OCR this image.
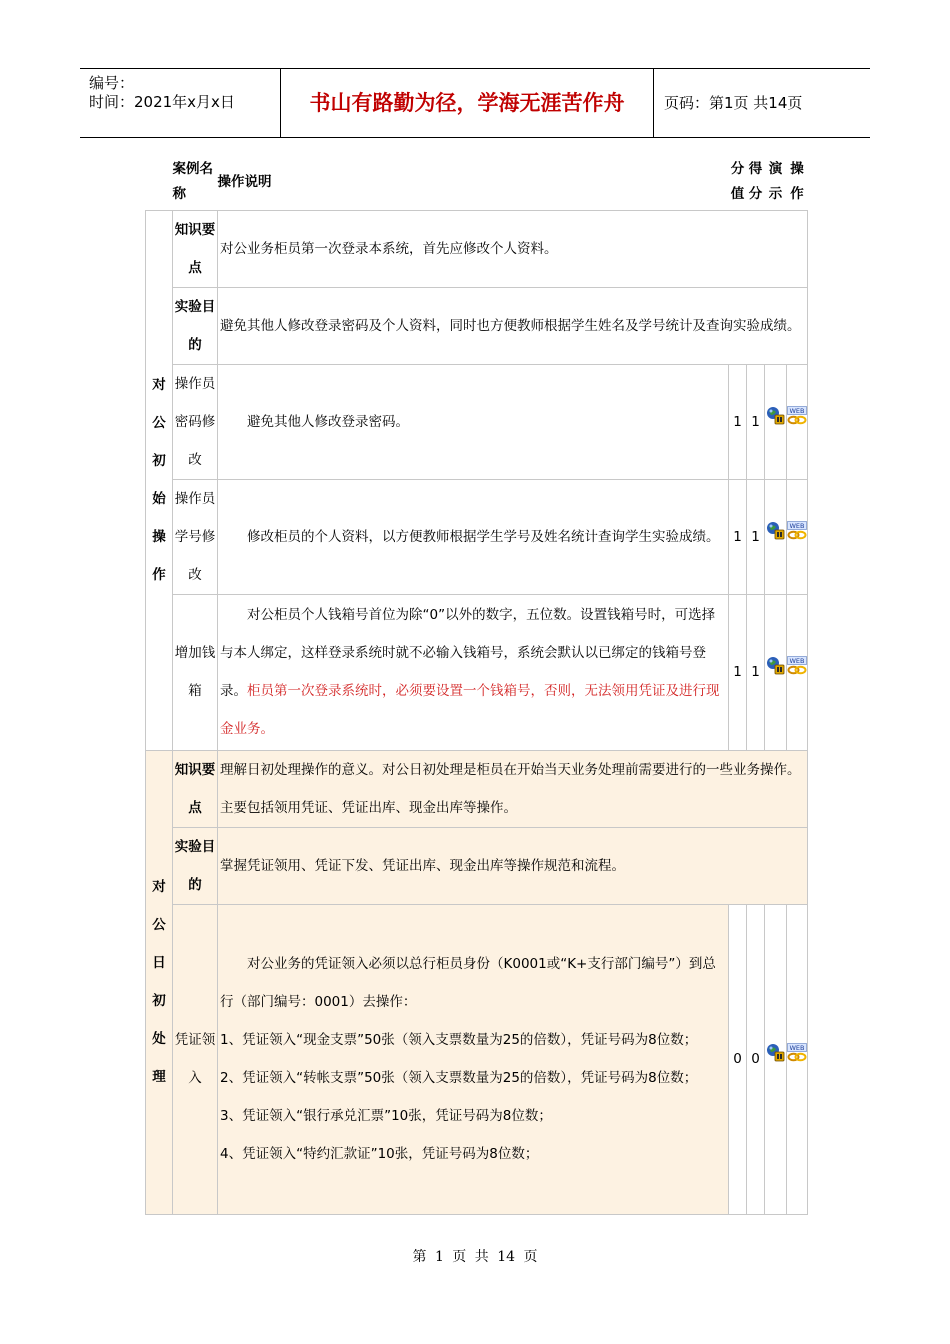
编号：
时间：2021年x月x日	书山有路勤为径，学海无涯苦作舟	页码：第1页 共14页
	案例名称	操作说明	分值	得分	演示	操作
对公初始操作	知识要点	对公业务柜员第一次登录本系统，首先应修改个人资料。				
	实验目的	避免其他人修改登录密码及个人资料，同时也方便教师根据学生姓名及学号统计及查询实验成绩。				
	操作员密码修改	避免其他人修改登录密码。	1	1		WEB

	操作员学号修改	修改柜员的个人资料，以方便教师根据学生学号及姓名统计查询学生实验成绩。	1	1		WEB

	增加钱箱	对公柜员个人钱箱号首位为除“0”以外的数字，五位数。设置钱箱号时，可选择与本人绑定，这样登录系统时就不必输入钱箱号，系统会默认以已绑定的钱箱号登录。柜员第一次登录系统时，必须要设置一个钱箱号，否则，无法领用凭证及进行现金业务。	1	1		WEB

对公日初处理	知识要点	理解日初处理操作的意义。对公日初处理是柜员在开始当天业务处理前需要进行的一些业务操作。主要包括领用凭证、凭证出库、现金出库等操作。				
	实验目的	掌握凭证领用、凭证下发、凭证出库、现金出库等操作规范和流程。				
	凭证领入	对公业务的凭证领入必须以总行柜员身份（K0001或“K+支行部门编号”）到总行（部门编号：0001）去操作：
1、凭证领入“现金支票”50张（领入支票数量为25的倍数），凭证号码为8位数；
2、凭证领入“转帐支票”50张（领入支票数量为25的倍数），凭证号码为8位数；
3、凭证领入“银行承兑汇票”10张，凭证号码为8位数；
4、凭证领入“特约汇款证”10张，凭证号码为8位数；	0	0		WEB
第 1 页 共 14 页
